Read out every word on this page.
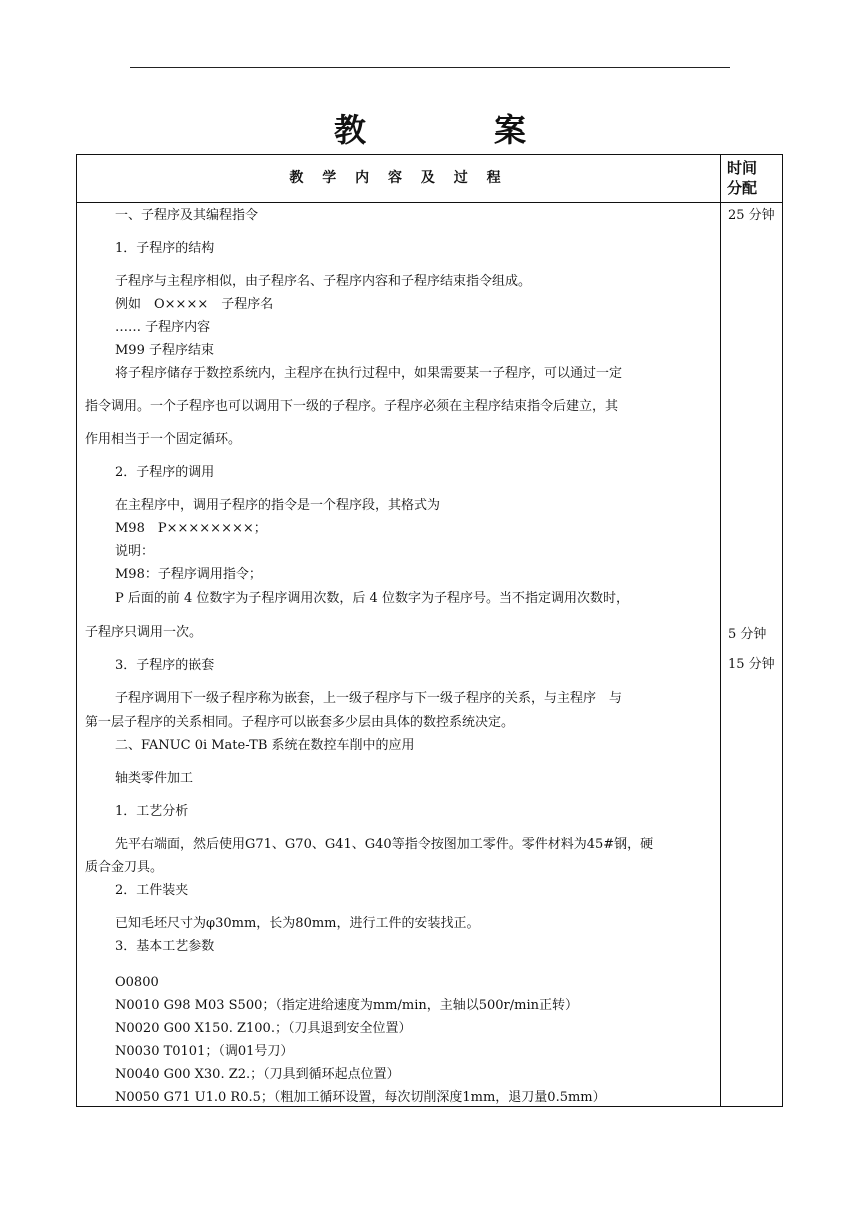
教　案
教 学 内 容 及 过 程
时间
分配
一、子程序及其编程指令
1．子程序的结构
子程序与主程序相似，由子程序名、子程序内容和子程序结束指令组成。
例如　O××××　子程序名
…… 子程序内容
M99 子程序结束
将子程序储存于数控系统内，主程序在执行过程中，如果需要某一子程序，可以通过一定
指令调用。一个子程序也可以调用下一级的子程序。子程序必须在主程序结束指令后建立，其
作用相当于一个固定循环。
2．子程序的调用
在主程序中，调用子程序的指令是一个程序段，其格式为
M98　P××××××××；
说明：
M98：子程序调用指令；
P 后面的前 4 位数字为子程序调用次数，后 4 位数字为子程序号。当不指定调用次数时，
子程序只调用一次。
3．子程序的嵌套
子程序调用下一级子程序称为嵌套，上一级子程序与下一级子程序的关系，与主程序　与
第一层子程序的关系相同。子程序可以嵌套多少层由具体的数控系统决定。
二、FANUC 0i Mate-TB 系统在数控车削中的应用
轴类零件加工
1．工艺分析
先平右端面，然后使用G71、G70、G41、G40等指令按图加工零件。零件材料为45#钢，硬
质合金刀具。
2．工件装夹
已知毛坯尺寸为φ30mm，长为80mm，进行工件的安装找正。
3．基本工艺参数
O0800
N0010 G98 M03 S500；（指定进给速度为mm/min，主轴以500r/min正转）
N0020 G00 X150. Z100.；（刀具退到安全位置）
N0030 T0101；（调01号刀）
N0040 G00 X30. Z2.；（刀具到循环起点位置）
N0050 G71 U1.0 R0.5；（粗加工循环设置，每次切削深度1mm，退刀量0.5mm）
25 分钟
5 分钟
15 分钟
